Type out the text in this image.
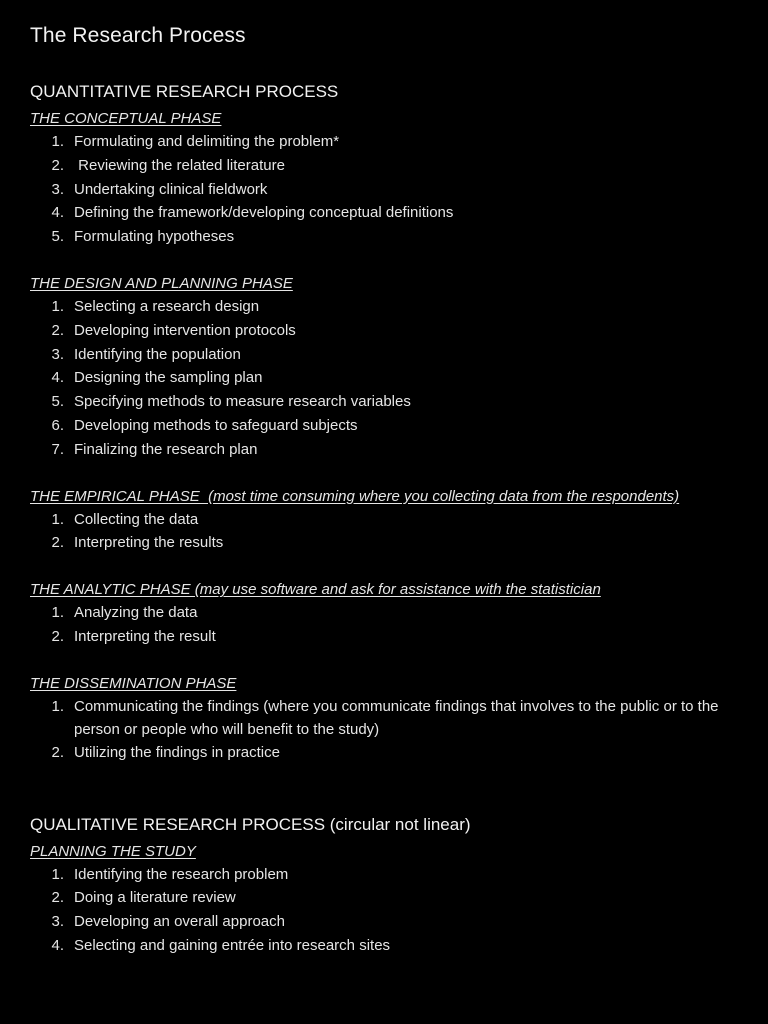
The Research Process
QUANTITATIVE RESEARCH PROCESS
THE CONCEPTUAL PHASE
1. Formulating and delimiting the problem*
2. Reviewing the related literature
3. Undertaking clinical fieldwork
4. Defining the framework/developing conceptual definitions
5. Formulating hypotheses
THE DESIGN AND PLANNING PHASE
1. Selecting a research design
2. Developing intervention protocols
3. Identifying the population
4. Designing the sampling plan
5. Specifying methods to measure research variables
6. Developing methods to safeguard subjects
7. Finalizing the research plan
THE EMPIRICAL PHASE  (most time consuming where you collecting data from the respondents)
1. Collecting the data
2. Interpreting the results
THE ANALYTIC PHASE (may use software and ask for assistance with the statistician
1. Analyzing the data
2. Interpreting the result
THE DISSEMINATION PHASE
1. Communicating the findings (where you communicate findings that involves to the public or to the person or people who will benefit to the study)
2. Utilizing the findings in practice
QUALITATIVE RESEARCH PROCESS (circular not linear)
PLANNING THE STUDY
1. Identifying the research problem
2. Doing a literature review
3. Developing an overall approach
4. Selecting and gaining entrée into research sites
